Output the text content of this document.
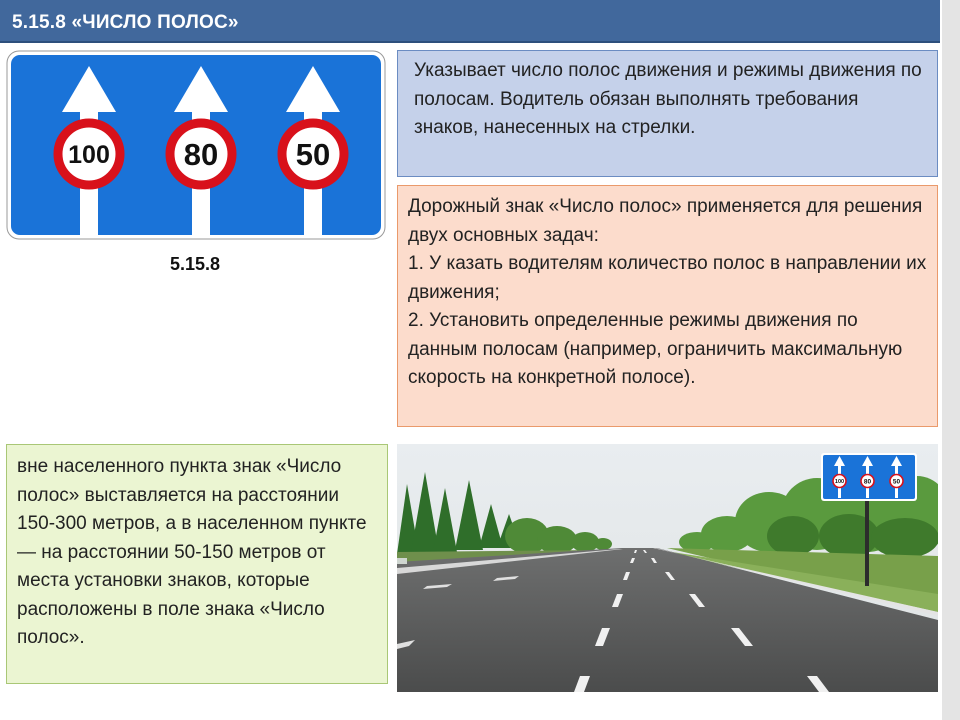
5.15.8 «ЧИСЛО ПОЛОС»
100 80	50
5.15.8
Указывает число полос движения и режимы движения по полосам. Водитель обязан выполнять требования знаков, нанесенных на стрелки.
Дорожный знак «Число полос» применяется для решения двух основных задач:
1. У казать водителям количество полос в направлении их движения;
2. Установить определенные режимы движения по данным полосам (например, ограничить максимальную скорость на конкретной полосе).
вне населенного пункта знак «Число полос» выставляется на расстоянии 150-300 метров, а в населенном пункте — на расстоянии 50-150 метров от места установки знаков, которые расположены в поле знака «Число полос».
100	80	50
